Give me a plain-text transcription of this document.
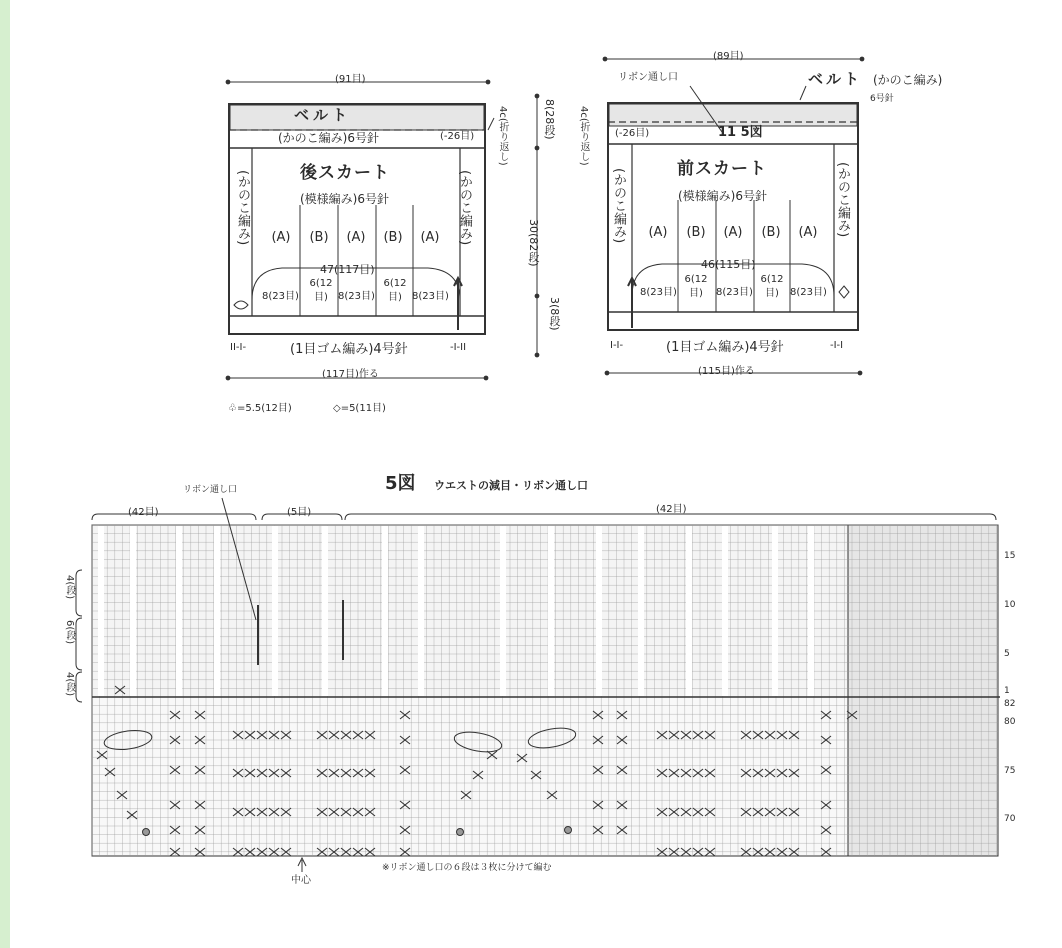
(91目)
ベルト
(かのこ編み)6号針	(-26目) 4c(折り返し)
後スカート
(模様編み)6号針
(かのこ編み)	(かのこ編み)
(A)	(B)	(A)	(B)	(A)
47(117目)
8(23目)
6(12目)	8(23目)
6(12目)	8(23目)
II-I-	(1目ゴム編み)4号針	-I-II
(117目)作る
8(28段)
30(82段)
3(8段)
(89目)
リボン通し口	ベルト (かのこ編み)
6号針
4c(折り返し)	(-26目)	11 5図
前スカート
(模様編み)6号針
(かのこ編み)	(かのこ編み)
(A)	(B)	(A)	(B)	(A)
46(115目)
8(23目)
6(12目)	8(23目)
6(12目)	8(23目)
I-I-	(1目ゴム編み)4号針	-I-I
(115目)作る
♧=5.5(12目)	◇=5(11目)
5図 ウエストの減目・リボン通し口
リボン通し口
(42目)	(5目)	(42目)
4(段)
6(段)
4(段)
15
10
5
1
82
80
75
70
中心
※リボン通し口の６段は３枚に分けて編む
